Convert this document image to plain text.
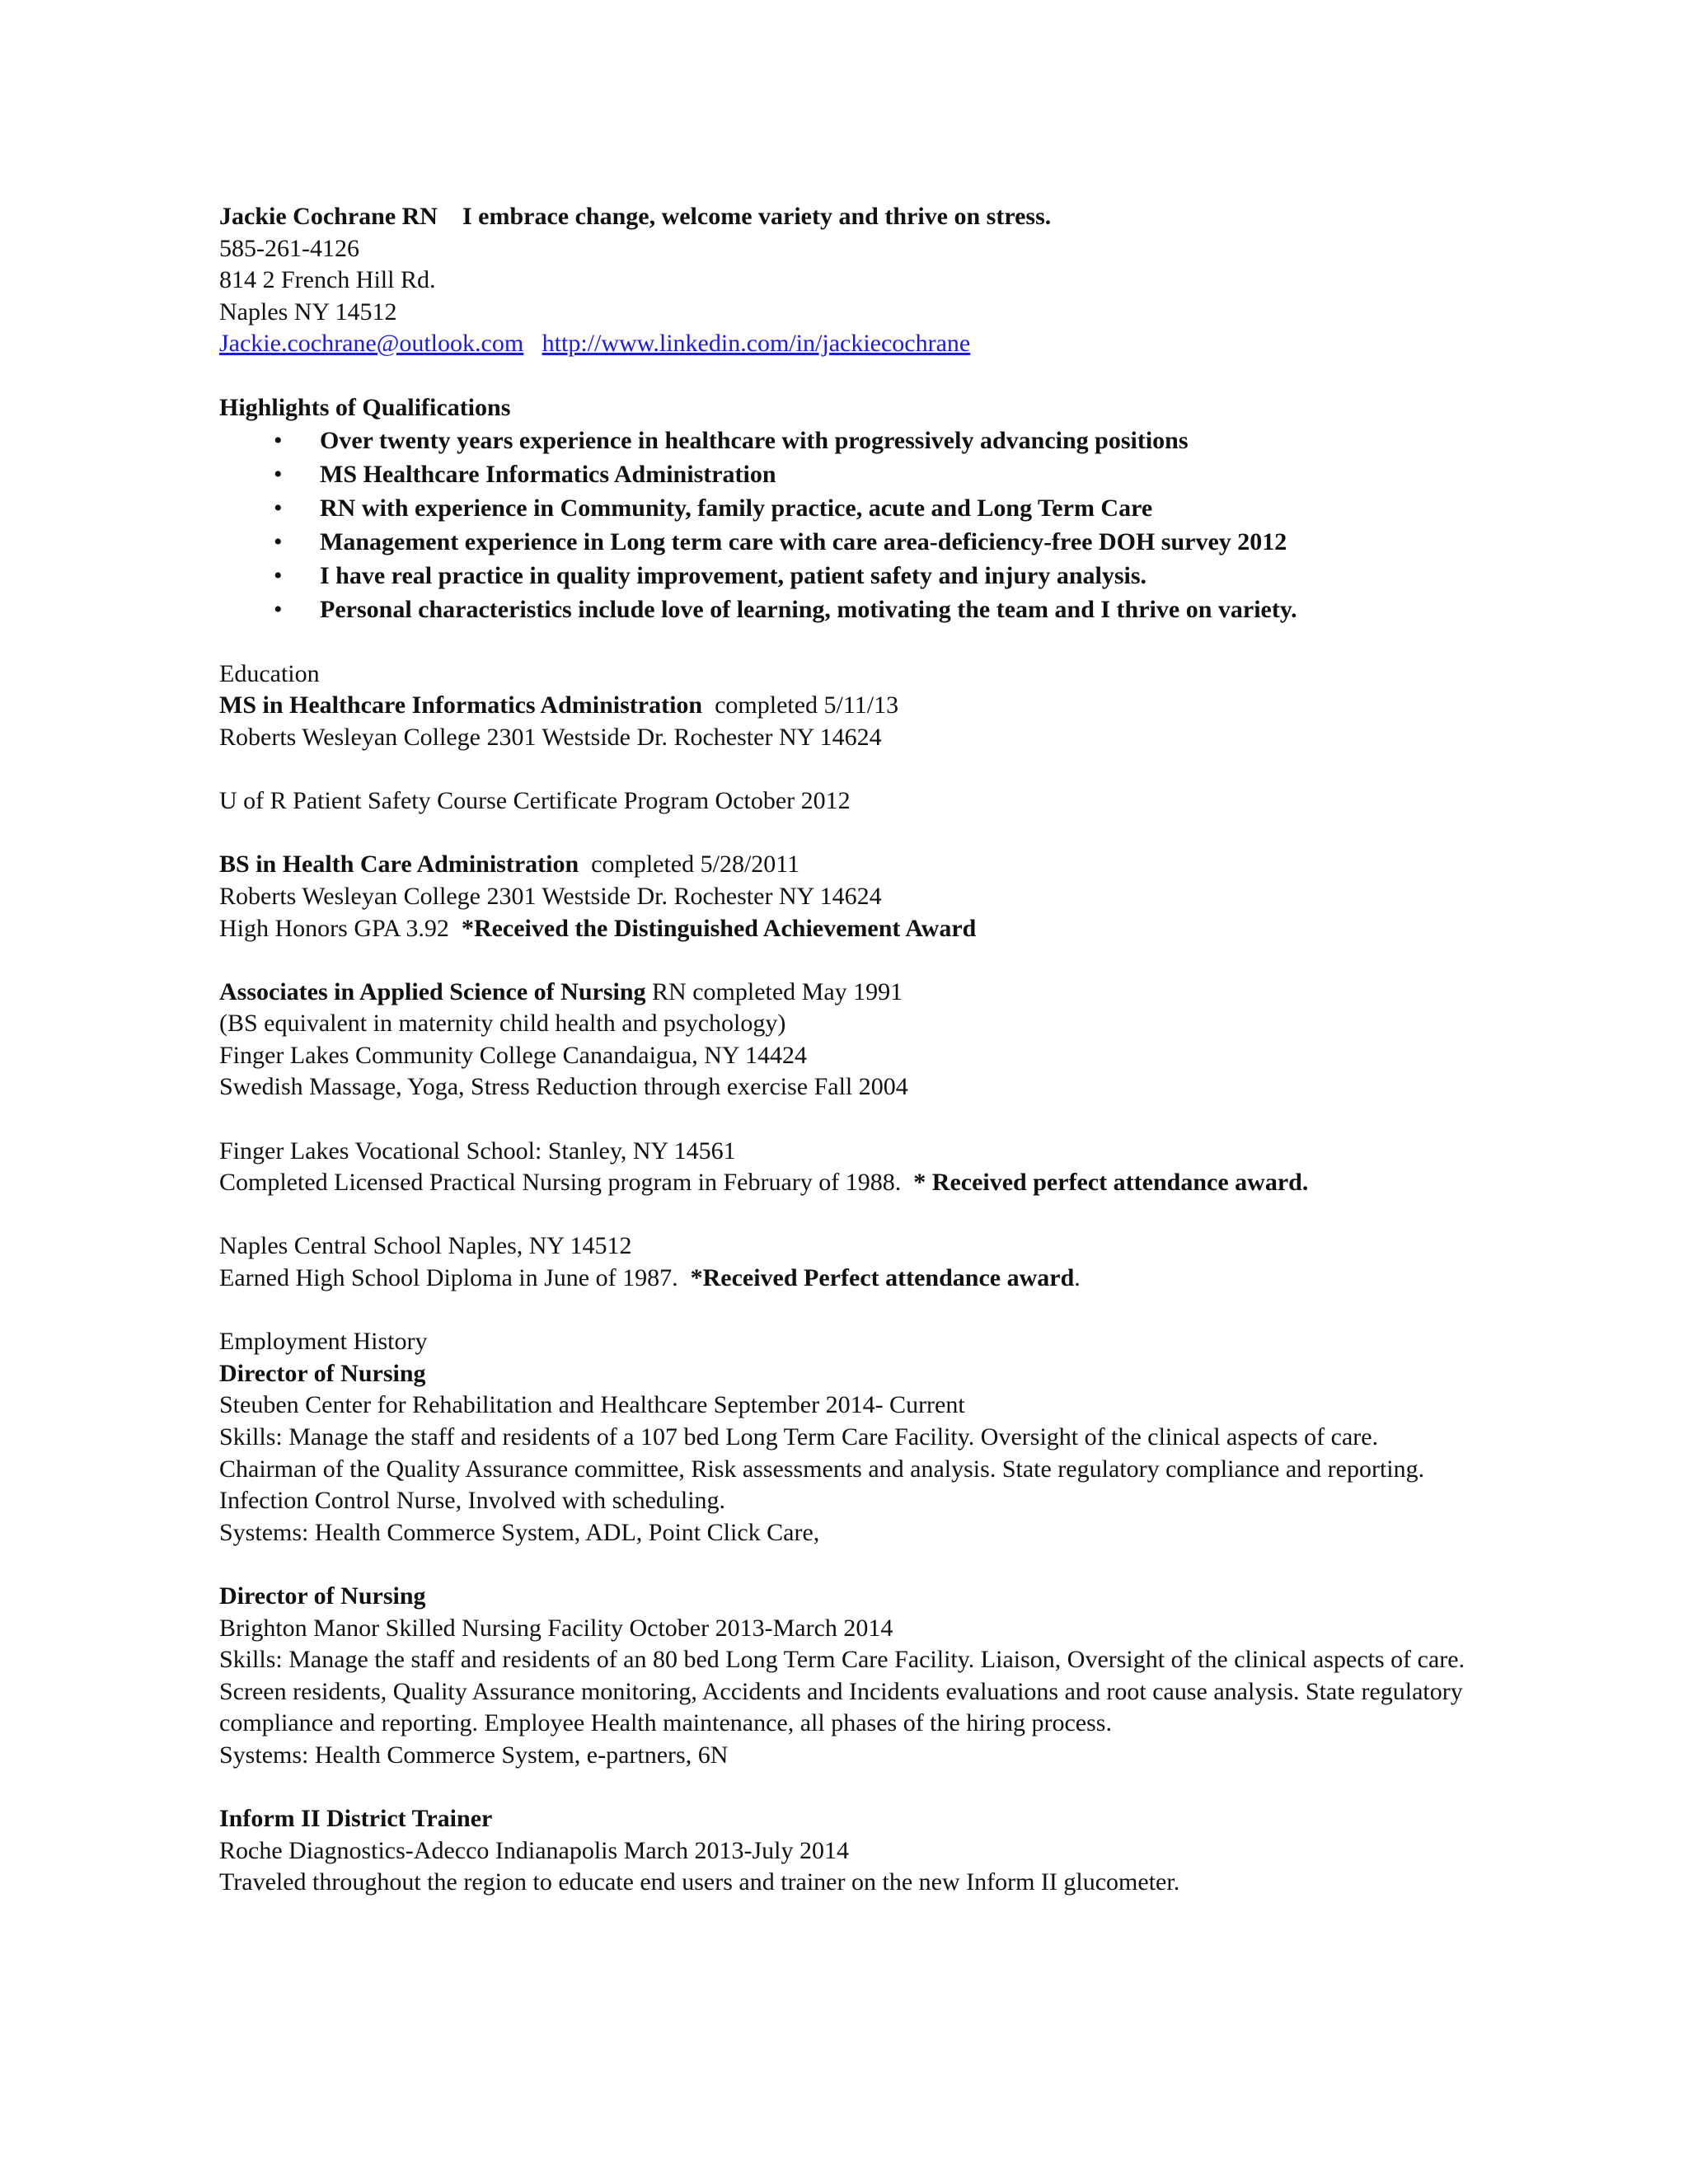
Jackie Cochrane RN I embrace change, welcome variety and thrive on stress.
585-261-4126
814 2 French Hill Rd.
Naples NY 14512
Jackie.cochrane@outlook.com http://www.linkedin.com/in/jackiecochrane
Highlights of Qualifications
• Over twenty years experience in healthcare with progressively advancing positions
• MS Healthcare Informatics Administration
• RN with experience in Community, family practice, acute and Long Term Care
• Management experience in Long term care with care area-deficiency-free DOH survey 2012
• I have real practice in quality improvement, patient safety and injury analysis.
• Personal characteristics include love of learning, motivating the team and I thrive on variety.
Education
MS in Healthcare Informatics Administration completed 5/11/13
Roberts Wesleyan College 2301 Westside Dr. Rochester NY 14624
U of R Patient Safety Course Certificate Program October 2012
BS in Health Care Administration completed 5/28/2011
Roberts Wesleyan College 2301 Westside Dr. Rochester NY 14624
High Honors GPA 3.92 *Received the Distinguished Achievement Award
Associates in Applied Science of Nursing RN completed May 1991
(BS equivalent in maternity child health and psychology)
Finger Lakes Community College Canandaigua, NY 14424
Swedish Massage, Yoga, Stress Reduction through exercise Fall 2004
Finger Lakes Vocational School: Stanley, NY 14561
Completed Licensed Practical Nursing program in February of 1988. * Received perfect attendance award.
Naples Central School Naples, NY 14512
Earned High School Diploma in June of 1987. *Received Perfect attendance award.
Employment History
Director of Nursing
Steuben Center for Rehabilitation and Healthcare September 2014- Current
Skills: Manage the staff and residents of a 107 bed Long Term Care Facility. Oversight of the clinical aspects of care. Chairman of the Quality Assurance committee, Risk assessments and analysis. State regulatory compliance and reporting. Infection Control Nurse, Involved with scheduling.
Systems: Health Commerce System, ADL, Point Click Care,
Director of Nursing
Brighton Manor Skilled Nursing Facility October 2013-March 2014
Skills: Manage the staff and residents of an 80 bed Long Term Care Facility. Liaison, Oversight of the clinical aspects of care. Screen residents, Quality Assurance monitoring, Accidents and Incidents evaluations and root cause analysis. State regulatory compliance and reporting. Employee Health maintenance, all phases of the hiring process.
Systems: Health Commerce System, e-partners, 6N
Inform II District Trainer
Roche Diagnostics-Adecco Indianapolis March 2013-July 2014
Traveled throughout the region to educate end users and trainer on the new Inform II glucometer.
